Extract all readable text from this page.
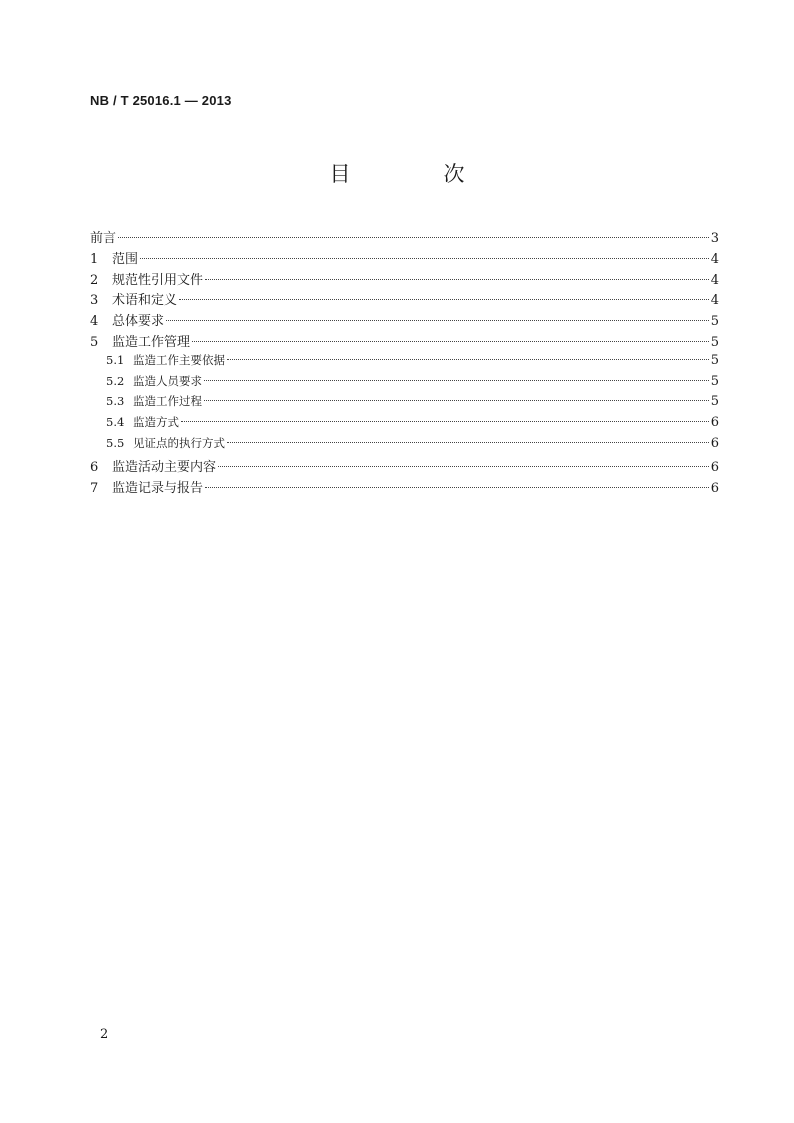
NB / T 25016.1 — 2013
目　次
前言	3
1	范围	4
2	规范性引用文件	4
3	术语和定义	4
4	总体要求	5
5	监造工作管理	5
5.1 监造工作主要依据	5
5.2 监造人员要求	5
5.3 监造工作过程	5
5.4 监造方式	6
5.5 见证点的执行方式	6
6	监造活动主要内容	6
7	监造记录与报告	6
2
